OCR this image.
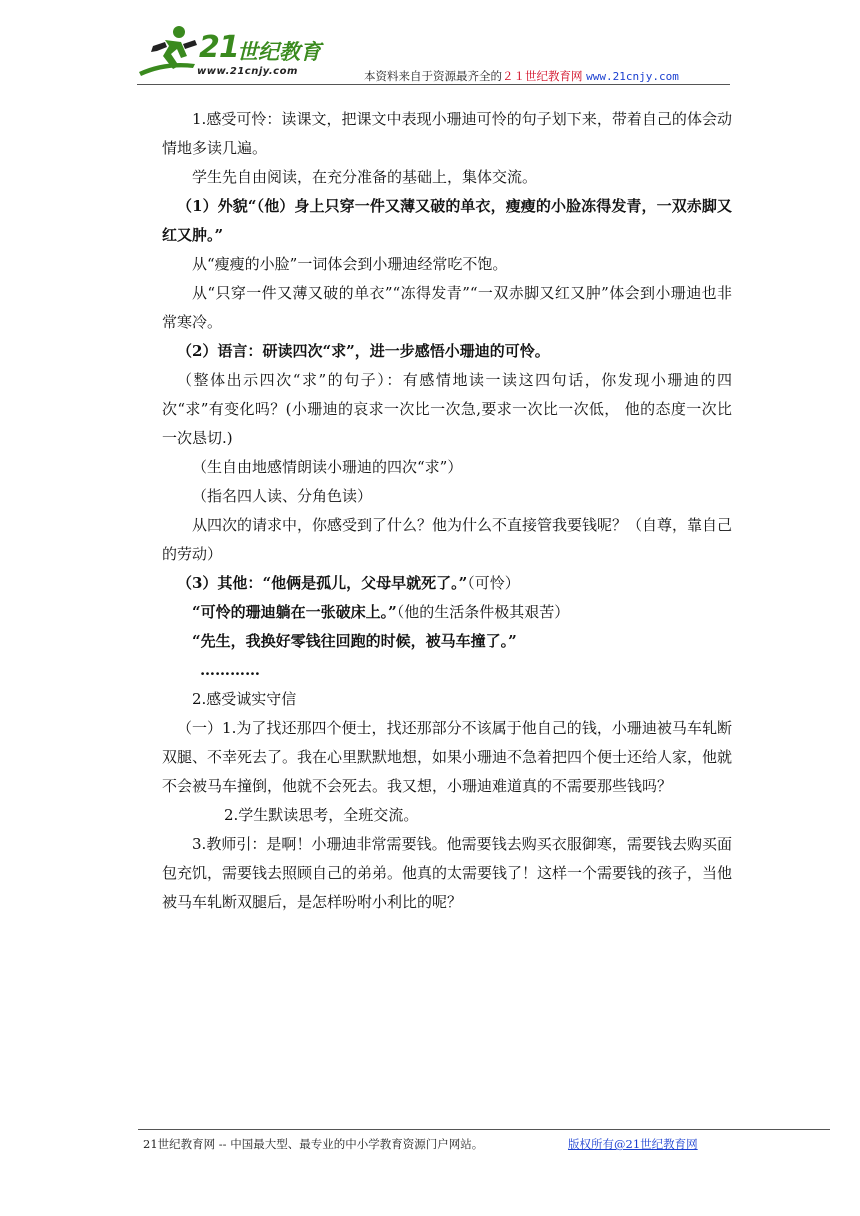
21
世纪教育
www.21cnjy.com	本资料来自于资源最齐全的２１世纪教育网 www.21cnjy.com

1.感受可怜：读课文，把课文中表现小珊迪可怜的句子划下来，带着自己的体会动情地多读几遍。

学生先自由阅读，在充分准备的基础上，集体交流。

（1）外貌“（他）身上只穿一件又薄又破的单衣，瘦瘦的小脸冻得发青，一双赤脚又红又肿。”

从“瘦瘦的小脸”一词体会到小珊迪经常吃不饱。

从“只穿一件又薄又破的单衣”“冻得发青”“一双赤脚又红又肿”体会到小珊迪也非常寒冷。

（2）语言：研读四次“求”，进一步感悟小珊迪的可怜。

（整体出示四次“求”的句子）：有感情地读一读这四句话，你发现小珊迪的四次“求”有变化吗？(小珊迪的哀求一次比一次急,要求一次比一次低， 他的态度一次比一次恳切.)

（生自由地感情朗读小珊迪的四次“求”）

（指名四人读、分角色读）

从四次的请求中，你感受到了什么？他为什么不直接管我要钱呢？（自尊，靠自己的劳动）

（3）其他：“他俩是孤儿，父母早就死了。”（可怜）

“可怜的珊迪躺在一张破床上。”（他的生活条件极其艰苦）

“先生，我换好零钱往回跑的时候，被马车撞了。”

…………

2.感受诚实守信

（一）1.为了找还那四个便士，找还那部分不该属于他自己的钱，小珊迪被马车轧断双腿、不幸死去了。我在心里默默地想，如果小珊迪不急着把四个便士还给人家，他就不会被马车撞倒，他就不会死去。我又想，小珊迪难道真的不需要那些钱吗？

2.学生默读思考，全班交流。

3.教师引：是啊！小珊迪非常需要钱。他需要钱去购买衣服御寒，需要钱去购买面包充饥，需要钱去照顾自己的弟弟。他真的太需要钱了！这样一个需要钱的孩子，当他被马车轧断双腿后，是怎样吩咐小利比的呢？

21世纪教育网 -- 中国最大型、最专业的中小学教育资源门户网站。	版权所有@21世纪教育网
